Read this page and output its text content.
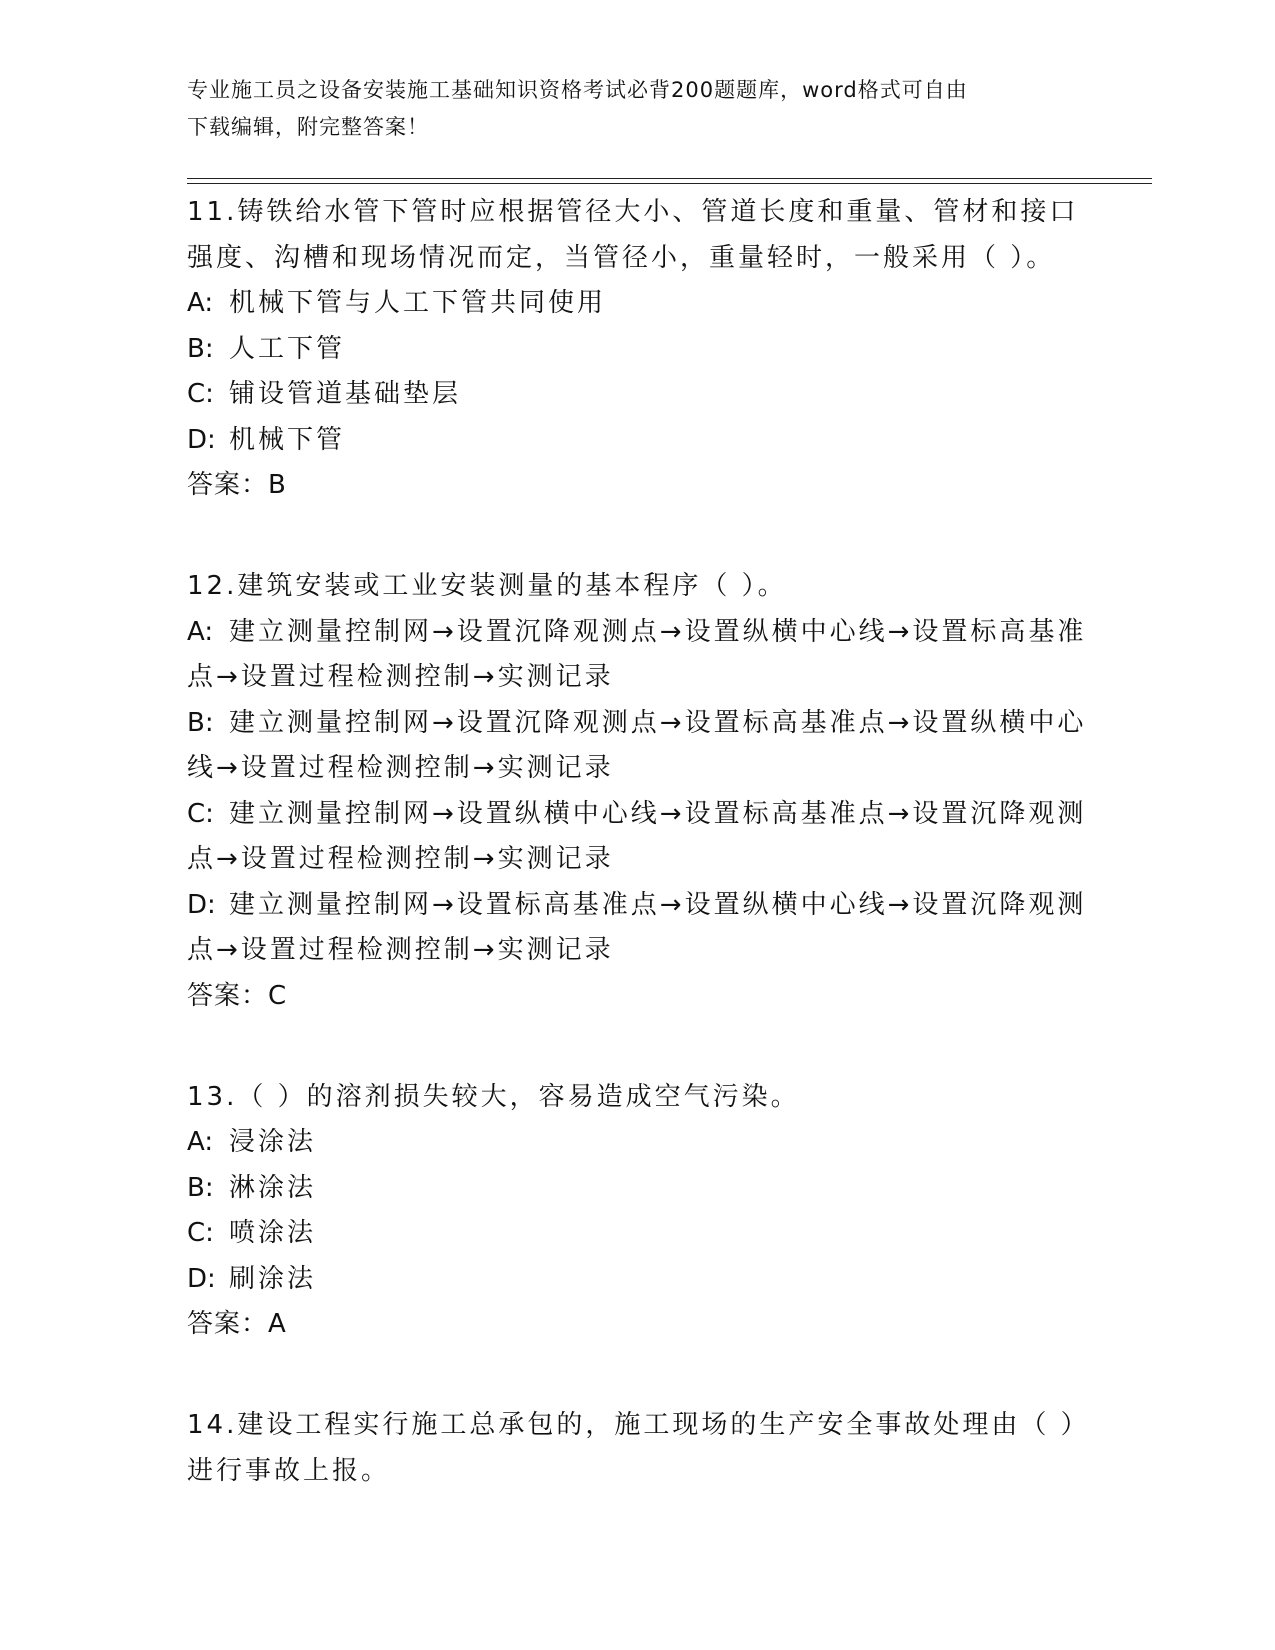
专业施工员之设备安装施工基础知识资格考试必背200题题库，word格式可自由
下载编辑，附完整答案！
11.铸铁给水管下管时应根据管径大小、管道长度和重量、管材和接口强度、沟槽和现场情况而定，当管径小，重量轻时，一般采用（ ）。
A: 机械下管与人工下管共同使用
B: 人工下管
C: 铺设管道基础垫层
D: 机械下管
答案：B
12.建筑安装或工业安装测量的基本程序（ ）。
A: 建立测量控制网→设置沉降观测点→设置纵横中心线→设置标高基准点→设置过程检测控制→实测记录
B: 建立测量控制网→设置沉降观测点→设置标高基准点→设置纵横中心线→设置过程检测控制→实测记录
C: 建立测量控制网→设置纵横中心线→设置标高基准点→设置沉降观测点→设置过程检测控制→实测记录
D: 建立测量控制网→设置标高基准点→设置纵横中心线→设置沉降观测点→设置过程检测控制→实测记录
答案：C
13.（ ）的溶剂损失较大，容易造成空气污染。
A: 浸涂法
B: 淋涂法
C: 喷涂法
D: 刷涂法
答案：A
14.建设工程实行施工总承包的，施工现场的生产安全事故处理由（ ）进行事故上报。
